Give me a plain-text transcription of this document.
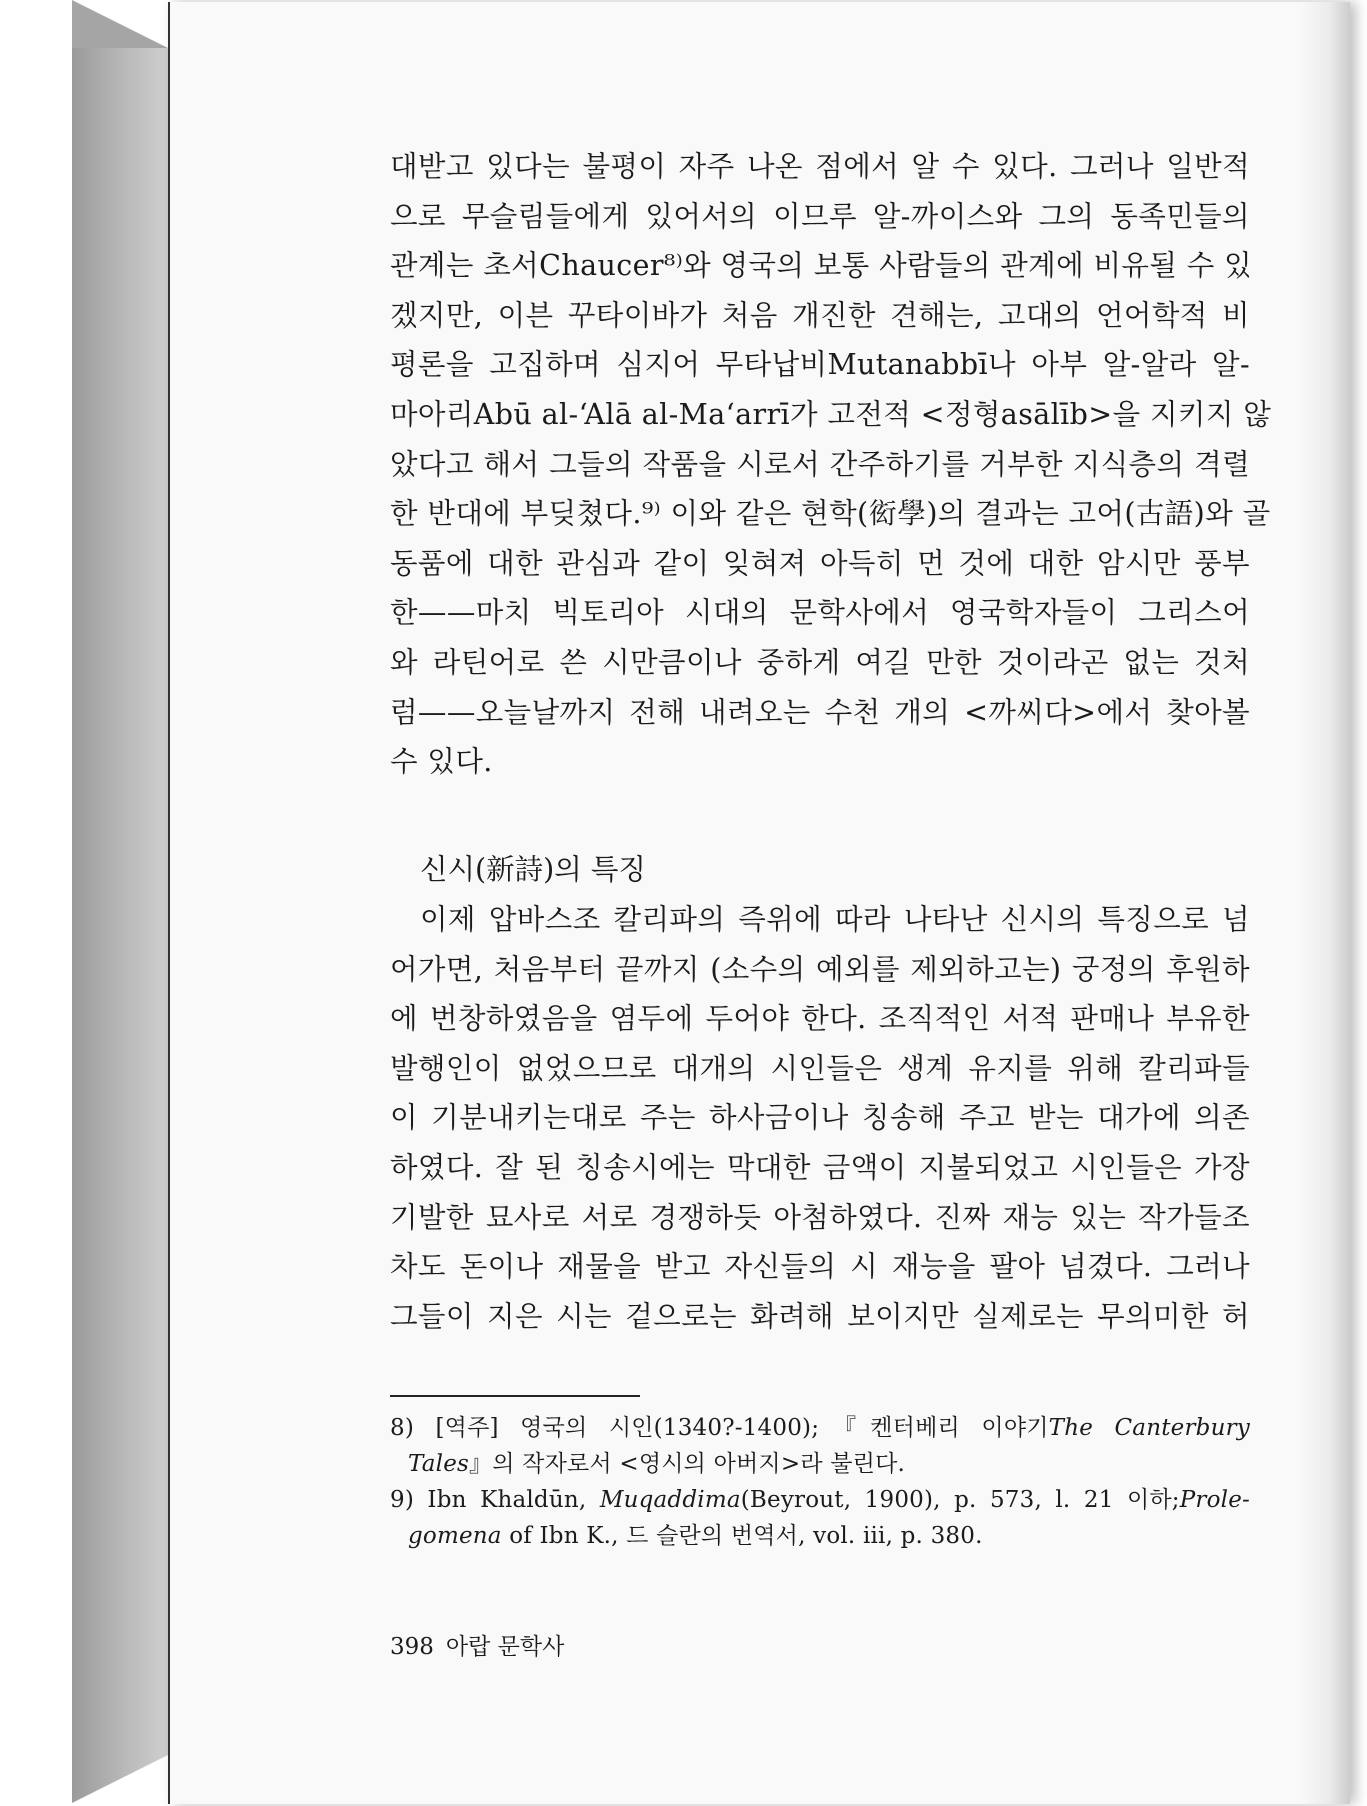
대받고 있다는 불평이 자주 나온 점에서 알 수 있다. 그러나 일반적
으로 무슬림들에게 있어서의 이므루 알-까이스와 그의 동족민들의
관계는 초서Chaucer⁸⁾와 영국의 보통 사람들의 관계에 비유될 수 있
겠지만, 이븐 꾸타이바가 처음 개진한 견해는, 고대의 언어학적 비
평론을 고집하며 심지어 무타납비Mutanabbī나 아부 알-알라 알-
마아리Abū al-‘Alā al-Ma‘arrī가 고전적 <정형asālīb>을 지키지 않
았다고 해서 그들의 작품을 시로서 간주하기를 거부한 지식층의 격렬
한 반대에 부딪쳤다.⁹⁾ 이와 같은 현학(衒學)의 결과는 고어(古語)와 골
동품에 대한 관심과 같이 잊혀져 아득히 먼 것에 대한 암시만 풍부
한——마치 빅토리아 시대의 문학사에서 영국학자들이 그리스어
와 라틴어로 쓴 시만큼이나 중하게 여길 만한 것이라곤 없는 것처
럼——오늘날까지 전해 내려오는 수천 개의 <까씨다>에서 찾아볼
수 있다.
신시(新詩)의 특징
이제 압바스조 칼리파의 즉위에 따라 나타난 신시의 특징으로 넘
어가면, 처음부터 끝까지 (소수의 예외를 제외하고는) 궁정의 후원하
에 번창하였음을 염두에 두어야 한다. 조직적인 서적 판매나 부유한
발행인이 없었으므로 대개의 시인들은 생계 유지를 위해 칼리파들
이 기분내키는대로 주는 하사금이나 칭송해 주고 받는 대가에 의존
하였다. 잘 된 칭송시에는 막대한 금액이 지불되었고 시인들은 가장
기발한 묘사로 서로 경쟁하듯 아첨하였다. 진짜 재능 있는 작가들조
차도 돈이나 재물을 받고 자신들의 시 재능을 팔아 넘겼다. 그러나
그들이 지은 시는 겉으로는 화려해 보이지만 실제로는 무의미한 허
8) [역주] 영국의 시인(1340?-1400);『켄터베리 이야기The Canterbury
Tales』의 작자로서 <영시의 아버지>라 불린다.
9) Ibn Khaldūn, Muqaddima(Beyrout, 1900), p. 573, l. 21 이하;Prole-
gomena of Ibn K., 드 슬란의 번역서, vol. iii, p. 380.
398 아랍 문학사
